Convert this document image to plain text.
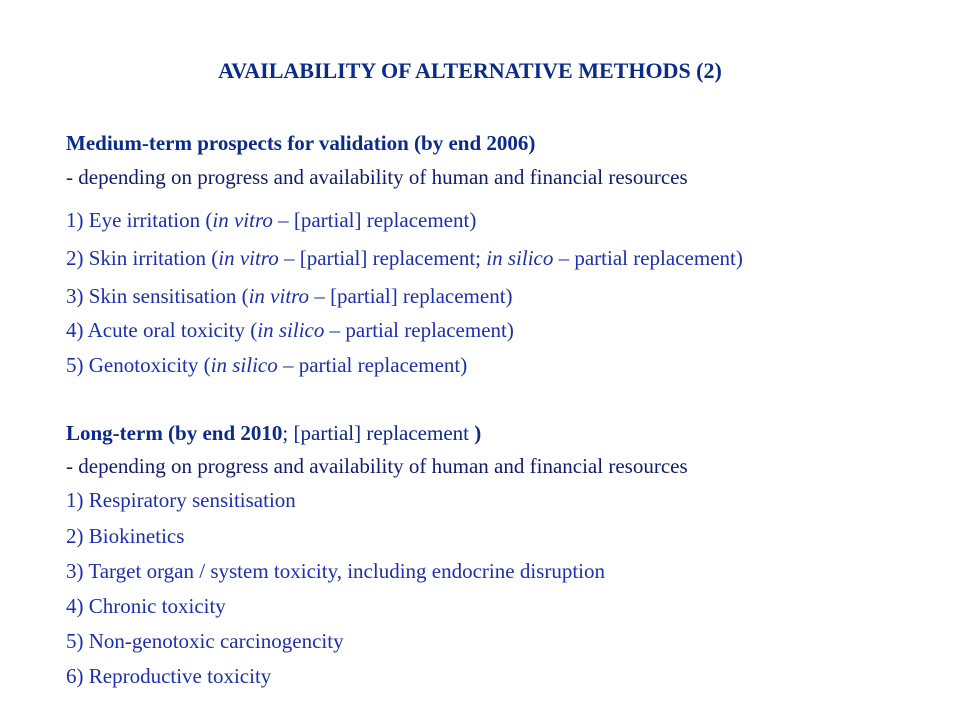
AVAILABILITY OF ALTERNATIVE METHODS (2)
Medium-term prospects for validation (by end 2006)
- depending on progress and availability of human and financial resources
1) Eye irritation (in vitro – [partial] replacement)
2) Skin irritation (in vitro – [partial] replacement; in silico – partial replacement)
3) Skin sensitisation (in vitro – [partial] replacement)
4) Acute oral toxicity (in silico – partial replacement)
5) Genotoxicity (in silico – partial replacement)
Long-term (by end 2010; [partial] replacement )
- depending on progress and availability of human and financial resources
1) Respiratory sensitisation
2) Biokinetics
3) Target organ / system toxicity, including endocrine disruption
4) Chronic toxicity
5) Non-genotoxic carcinogencity
6) Reproductive toxicity
